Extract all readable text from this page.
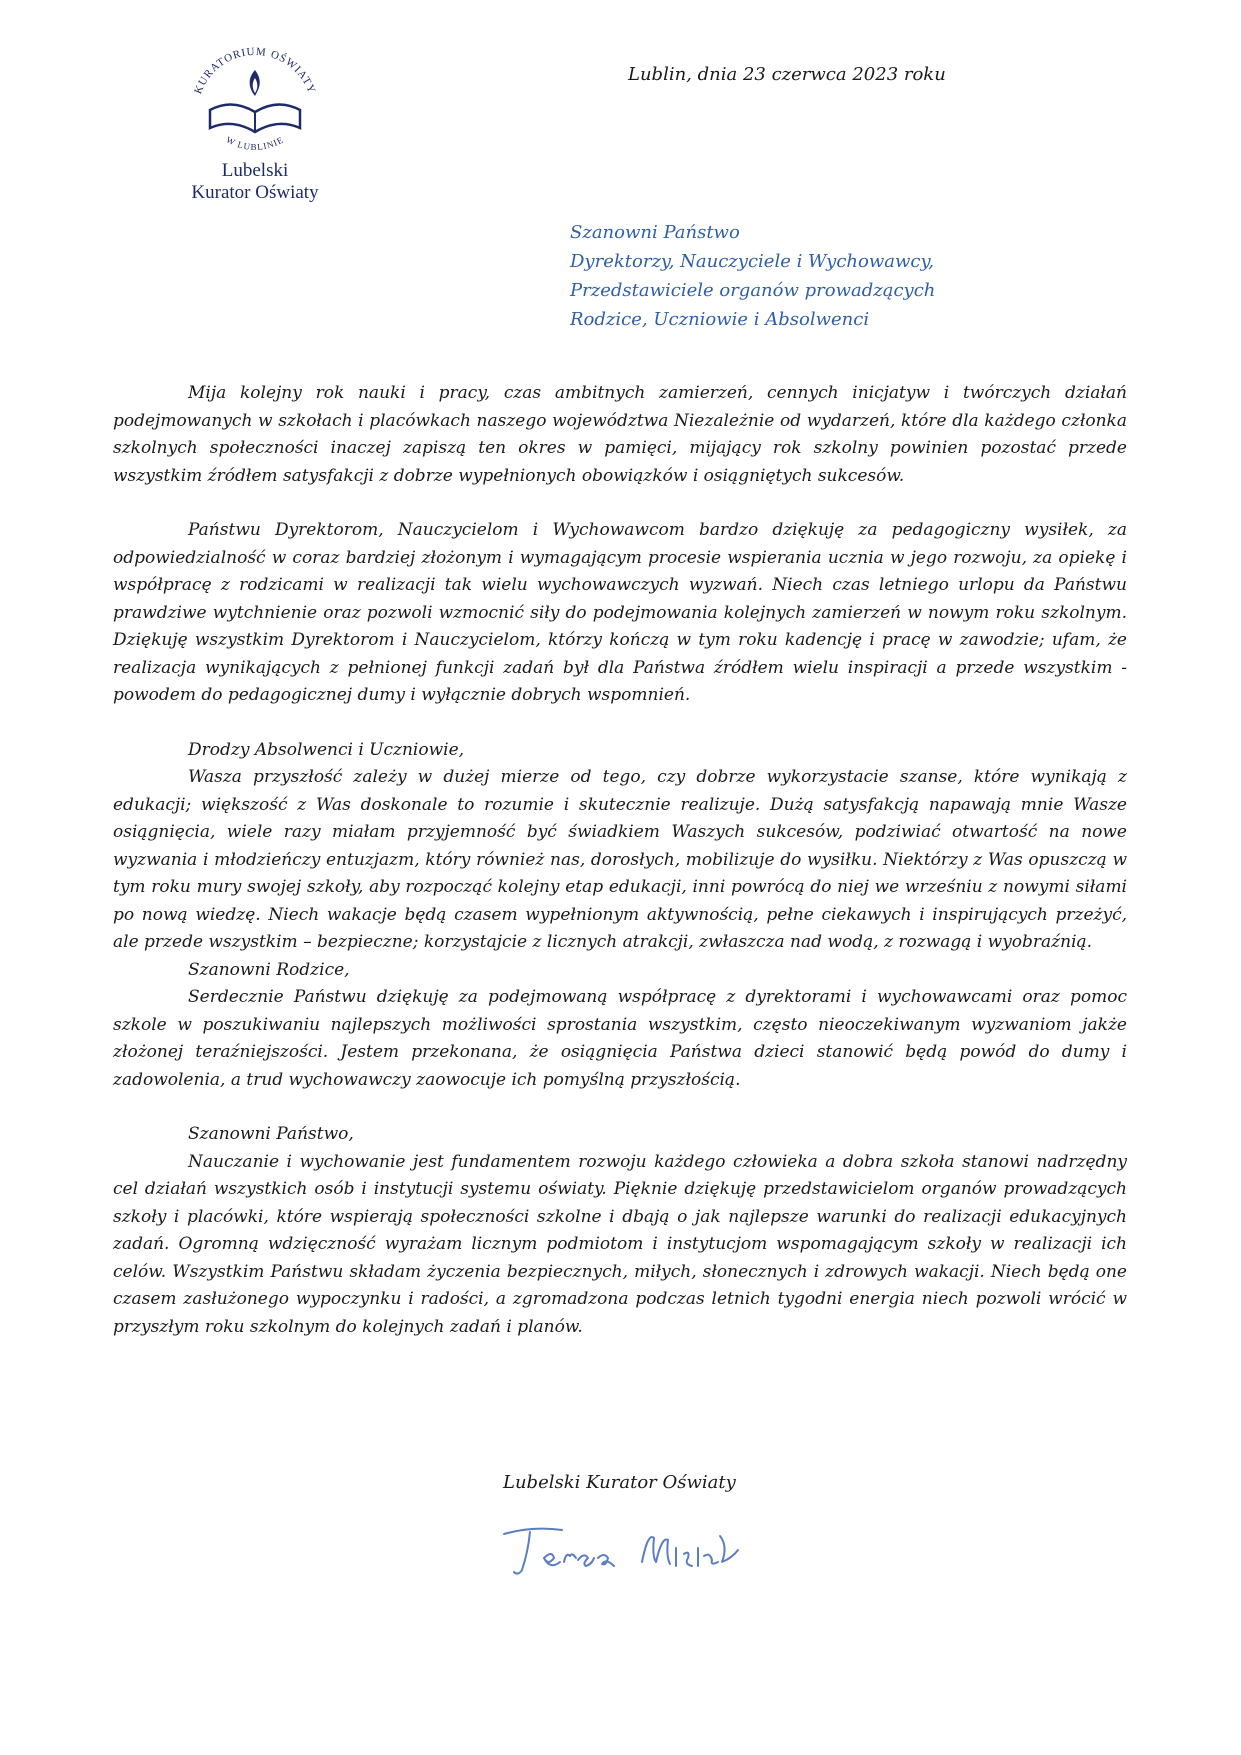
KURATORIUM OŚWIATY
W LUBLINIE
Lubelski
Kurator Oświaty
Lublin, dnia 23 czerwca 2023 roku
Szanowni Państwo
Dyrektorzy, Nauczyciele i Wychowawcy,
Przedstawiciele organów prowadzących
Rodzice, Uczniowie i Absolwenci

Mija kolejny rok nauki i pracy, czas ambitnych zamierzeń, cennych inicjatyw i twórczych działań podejmowanych w szkołach i placówkach naszego województwa Niezależnie od wydarzeń, które dla każdego członka szkolnych społeczności inaczej zapiszą ten okres w pamięci, mijający rok szkolny powinien pozostać przede wszystkim źródłem satysfakcji z dobrze wypełnionych obowiązków i osiągniętych sukcesów.

Państwu Dyrektorom, Nauczycielom i Wychowawcom bardzo dziękuję za pedagogiczny wysiłek, za odpowiedzialność w coraz bardziej złożonym i wymagającym procesie wspierania ucznia w jego rozwoju, za opiekę i współpracę z rodzicami w realizacji tak wielu wychowawczych wyzwań. Niech czas letniego urlopu da Państwu prawdziwe wytchnienie oraz pozwoli wzmocnić siły do podejmowania kolejnych zamierzeń w nowym roku szkolnym. Dziękuję wszystkim Dyrektorom i Nauczycielom, którzy kończą w tym roku kadencję i pracę w zawodzie; ufam, że realizacja wynikających z pełnionej funkcji zadań był dla Państwa źródłem wielu inspiracji a przede wszystkim - powodem do pedagogicznej dumy i wyłącznie dobrych wspomnień.

Drodzy Absolwenci i Uczniowie,

Wasza przyszłość zależy w dużej mierze od tego, czy dobrze wykorzystacie szanse, które wynikają z edukacji; większość z Was doskonale to rozumie i skutecznie realizuje. Dużą satysfakcją napawają mnie Wasze osiągnięcia, wiele razy miałam przyjemność być świadkiem Waszych sukcesów, podziwiać otwartość na nowe wyzwania i młodzieńczy entuzjazm, który również nas, dorosłych, mobilizuje do wysiłku. Niektórzy z Was opuszczą w tym roku mury swojej szkoły, aby rozpocząć kolejny etap edukacji, inni powrócą do niej we wrześniu z nowymi siłami po nową wiedzę. Niech wakacje będą czasem wypełnionym aktywnością, pełne ciekawych i inspirujących przeżyć, ale przede wszystkim – bezpieczne; korzystajcie z licznych atrakcji, zwłaszcza nad wodą, z rozwagą i wyobraźnią.

Szanowni Rodzice,

Serdecznie Państwu dziękuję za podejmowaną współpracę z dyrektorami i wychowawcami oraz pomoc szkole w poszukiwaniu najlepszych możliwości sprostania wszystkim, często nieoczekiwanym wyzwaniom jakże złożonej teraźniejszości. Jestem przekonana, że osiągnięcia Państwa dzieci stanowić będą powód do dumy i zadowolenia, a trud wychowawczy zaowocuje ich pomyślną przyszłością.

Szanowni Państwo,

Nauczanie i wychowanie jest fundamentem rozwoju każdego człowieka a dobra szkoła stanowi nadrzędny cel działań wszystkich osób i instytucji systemu oświaty. Pięknie dziękuję przedstawicielom organów prowadzących szkoły i placówki, które wspierają społeczności szkolne i dbają o jak najlepsze warunki do realizacji edukacyjnych zadań. Ogromną wdzięczność wyrażam licznym podmiotom i instytucjom wspomagającym szkoły w realizacji ich celów. Wszystkim Państwu składam życzenia bezpiecznych, miłych, słonecznych i zdrowych wakacji. Niech będą one czasem zasłużonego wypoczynku i radości, a zgromadzona podczas letnich tygodni energia niech pozwoli wrócić w przyszłym roku szkolnym do kolejnych zadań i planów.

Lubelski Kurator Oświaty
